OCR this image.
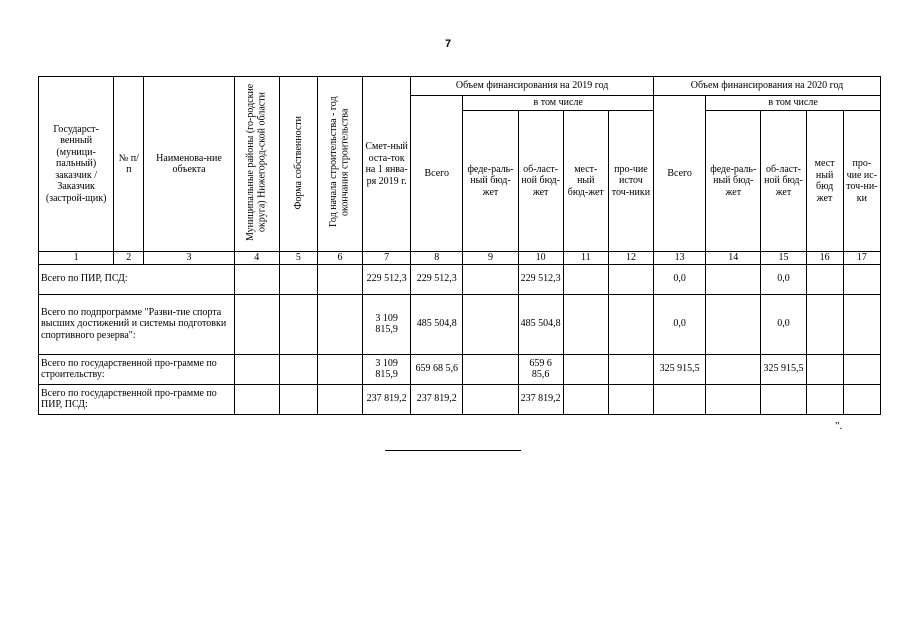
7
Государст-венный (муници-пальный) заказчик / Заказчик (застрой-щик)	№ п/п	Наименова-ние объекта	Муниципальные районы (го-родские округа) Нижегород-ской области	Форма собственности	Год начала строительства - год окончания строительства	Смет-ный оста-ток на 1 янва-ря 2019 г.	Объем финансирования на 2019 год					Объем финансирования на 2020 год				
							Всего	в том числе				Всего	в том числе			
								феде-раль-ный бюд-жет	об-ласт-ной бюд-жет	мест-ный бюд-жет	про-чие источ точ-ники		феде-раль-ный бюд-жет	об-ласт-ной бюд-жет	мест ный бюд жет	про-чие ис-точ-ни-ки
1	2	3	4	5	6	7	8	9	10	11	12	13	14	15	16	17
Всего по ПИР, ПСД:						229 512,3	229 512,3		229 512,3			0,0		0,0		
Всего по подпрограмме "Разви-тие спорта высших достижений и системы подготовки спортивного резерва":						3 109 815,9	485 504,8		485 504,8			0,0		0,0		
Всего по государственной про-грамме по строительству:						3 109 815,9	659 68 5,6		659 6 85,6			325 915,5		325 915,5		
Всего по государственной про-грамме по ПИР, ПСД:						237 819,2	237 819,2		237 819,2							
".
